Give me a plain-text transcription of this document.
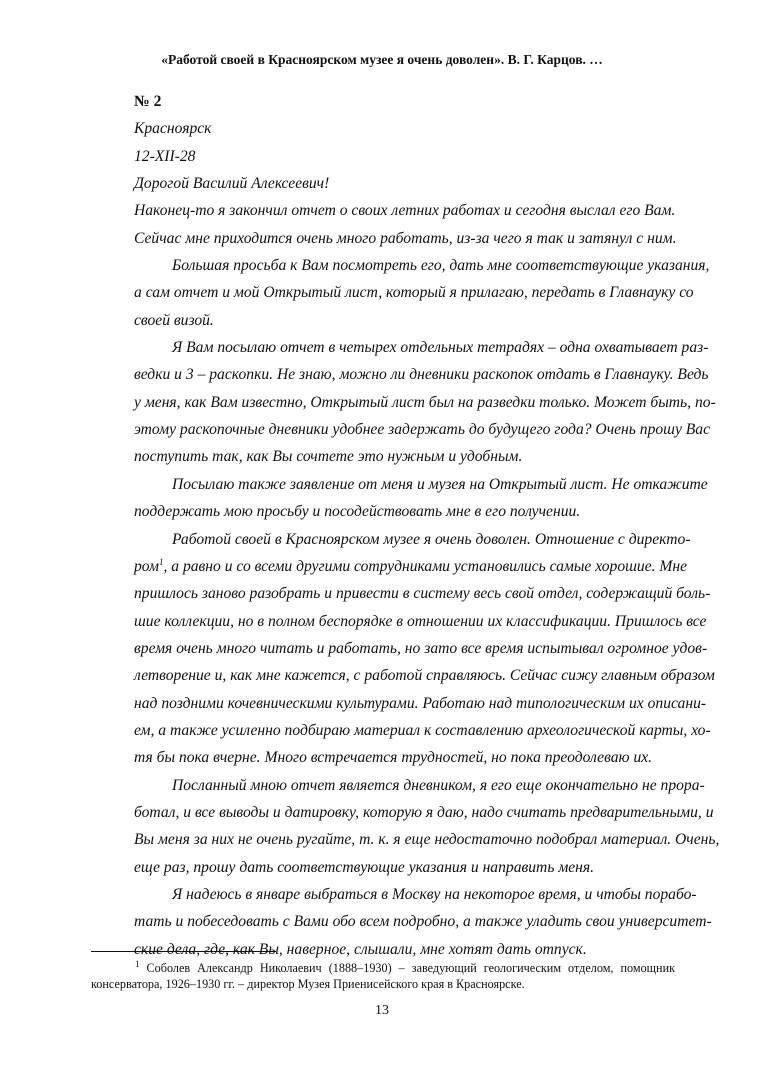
«Работой своей в Красноярском музее я очень доволен». В. Г. Карцов. …
№ 2
Красноярск
12-XII-28
Дорогой Василий Алексеевич!
Наконец-то я закончил отчет о своих летних работах и сегодня выслал его Вам.
Сейчас мне приходится очень много работать, из-за чего я так и затянул с ним.
Большая просьба к Вам посмотреть его, дать мне соответствующие указания,
а сам отчет и мой Открытый лист, который я прилагаю, передать в Главнауку со
своей визой.
Я Вам посылаю отчет в четырех отдельных тетрадях – одна охватывает раз-
ведки и 3 – раскопки. Не знаю, можно ли дневники раскопок отдать в Главнауку. Ведь
у меня, как Вам известно, Открытый лист был на разведки только. Может быть, по-
этому раскопочные дневники удобнее задержать до будущего года? Очень прошу Вас
поступить так, как Вы сочтете это нужным и удобным.
Посылаю также заявление от меня и музея на Открытый лист. Не откажите
поддержать мою просьбу и посодействовать мне в его получении.
Работой своей в Красноярском музее я очень доволен. Отношение с директо-
ром$^1$, а равно и со всеми другими сотрудниками установились самые хорошие. Мне
пришлось заново разобрать и привести в систему весь свой отдел, содержащий боль-
шие коллекции, но в полном беспорядке в отношении их классификации. Пришлось все
время очень много читать и работать, но зато все время испытывал огромное удов-
летворение и, как мне кажется, с работой справляюсь. Сейчас сижу главным образом
над поздними кочевническими культурами. Работаю над типологическим их описани-
ем, а также усиленно подбираю материал к составлению археологической карты, хо-
тя бы пока вчерне. Много встречается трудностей, но пока преодолеваю их.
Посланный мною отчет является дневником, я его еще окончательно не прора-
ботал, и все выводы и датировку, которую я даю, надо считать предварительными, и
Вы меня за них не очень ругайте, т. к. я еще недостаточно подобрал материал. Очень,
еще раз, прошу дать соответствующие указания и направить меня.
Я надеюсь в январе выбраться в Москву на некоторое время, и чтобы порабо-
тать и побеседовать с Вами обо всем подробно, а также уладить свои университет-
ские дела, где, как Вы, наверное, слышали, мне хотят дать отпуск.
$^1$ Соболев Александр Николаевич (1888–1930) – заведующий геологическим отделом, помощник
консерватора, 1926–1930 гг. – директор Музея Приенисейского края в Красноярске.
13
